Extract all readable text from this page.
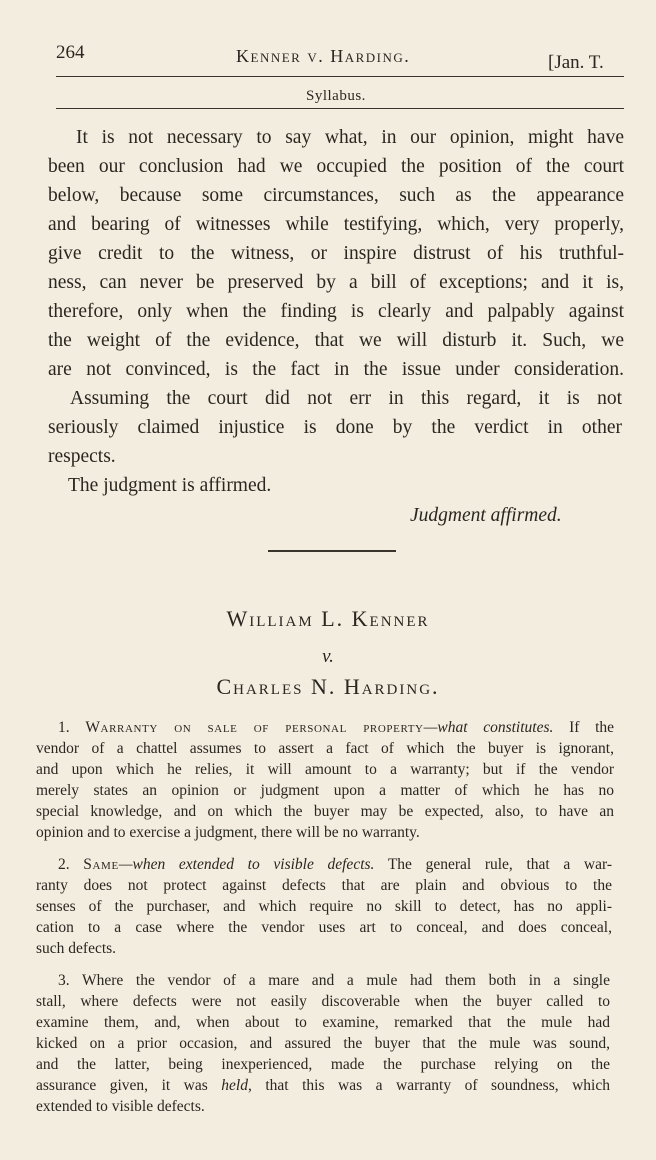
264	Kenner v. Harding.	[Jan. T.
Syllabus.
It is not necessary to say what, in our opinion, might have
been our conclusion had we occupied the position of the court
below, because some circumstances, such as the appearance
and bearing of witnesses while testifying, which, very properly,
give credit to the witness, or inspire distrust of his truthful-
ness, can never be preserved by a bill of exceptions; and it is,
therefore, only when the finding is clearly and palpably against
the weight of the evidence, that we will disturb it. Such, we
are not convinced, is the fact in the issue under consideration.
Assuming the court did not err in this regard, it is not
seriously claimed injustice is done by the verdict in other
respects.
The judgment is affirmed.
Judgment affirmed.
William L. Kenner
v.
Charles N. Harding.
1. Warranty on sale of personal property—what constitutes. If the
vendor of a chattel assumes to assert a fact of which the buyer is ignorant,
and upon which he relies, it will amount to a warranty; but if the vendor
merely states an opinion or judgment upon a matter of which he has no
special knowledge, and on which the buyer may be expected, also, to have an
opinion and to exercise a judgment, there will be no warranty.
2. Same—when extended to visible defects. The general rule, that a war-
ranty does not protect against defects that are plain and obvious to the
senses of the purchaser, and which require no skill to detect, has no appli-
cation to a case where the vendor uses art to conceal, and does conceal,
such defects.
3. Where the vendor of a mare and a mule had them both in a single
stall, where defects were not easily discoverable when the buyer called to
examine them, and, when about to examine, remarked that the mule had
kicked on a prior occasion, and assured the buyer that the mule was sound,
and the latter, being inexperienced, made the purchase relying on the
assurance given, it was held, that this was a warranty of soundness, which
extended to visible defects.
